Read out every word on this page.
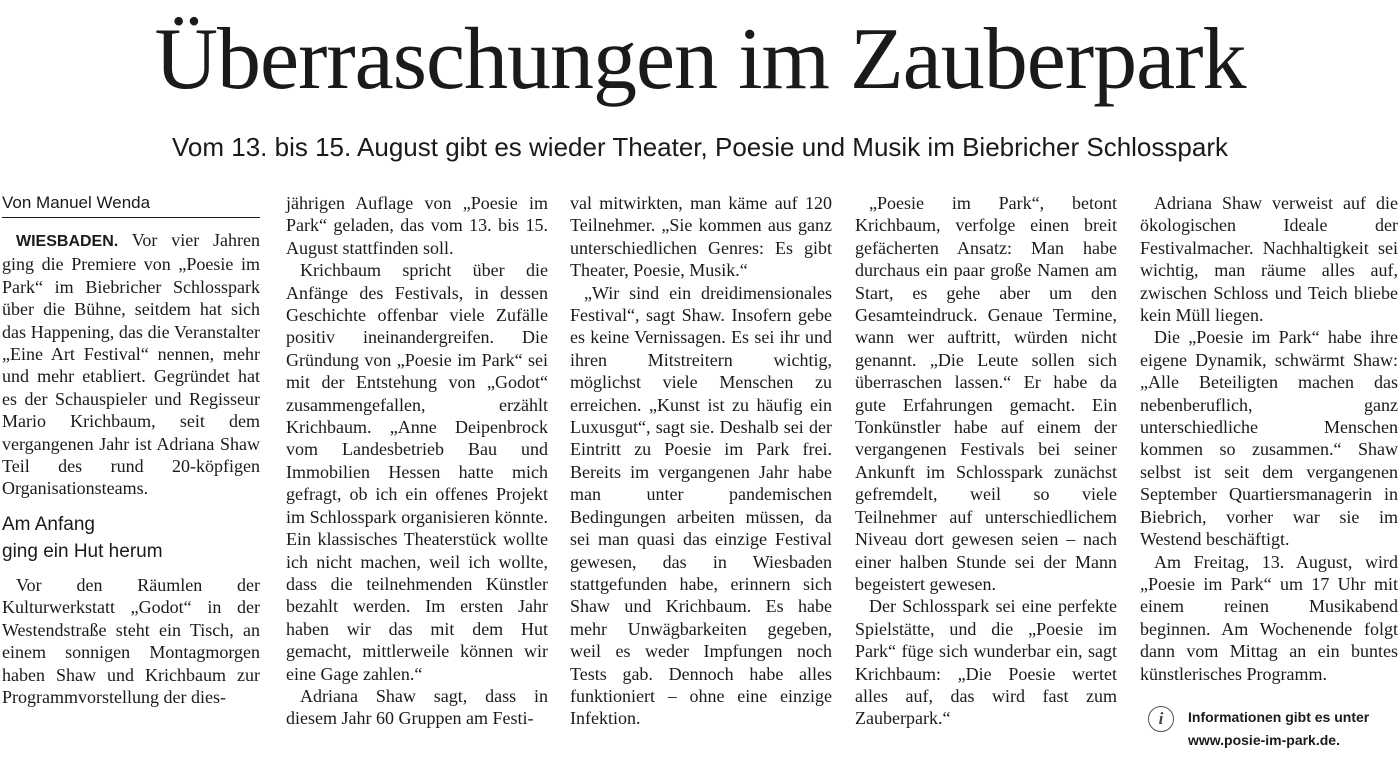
Überraschungen im Zauberpark
Vom 13. bis 15. August gibt es wieder Theater, Poesie und Musik im Biebricher Schlosspark
Von Manuel Wenda

WIESBADEN. Vor vier Jahren ging die Premiere von „Poesie im Park“ im Biebricher Schlosspark über die Bühne, seitdem hat sich das Happening, das die Veranstalter „Eine Art Festival“ nennen, mehr und mehr etabliert. Gegründet hat es der Schauspieler und Regisseur Mario Krichbaum, seit dem vergangenen Jahr ist Adriana Shaw Teil des rund 20-köpfigen Organisationsteams.

Am Anfang
ging ein Hut herum

Vor den Räumlen der Kulturwerkstatt „Godot“ in der Westendstraße steht ein Tisch, an einem sonnigen Montagmorgen haben Shaw und Krichbaum zur Programmvorstellung der dies-

jährigen Auflage von „Poesie im Park“ geladen, das vom 13. bis 15. August stattfinden soll.

Krichbaum spricht über die Anfänge des Festivals, in dessen Geschichte offenbar viele Zufälle positiv ineinandergreifen. Die Gründung von „Poesie im Park“ sei mit der Entstehung von „Godot“ zusammengefallen, erzählt Krichbaum. „Anne Deipenbrock vom Landesbetrieb Bau und Immobilien Hessen hatte mich gefragt, ob ich ein offenes Projekt im Schlosspark organisieren könnte. Ein klassisches Theaterstück wollte ich nicht machen, weil ich wollte, dass die teilnehmenden Künstler bezahlt werden. Im ersten Jahr haben wir das mit dem Hut gemacht, mittlerweile können wir eine Gage zahlen.“

Adriana Shaw sagt, dass in diesem Jahr 60 Gruppen am Festi-

val mitwirkten, man käme auf 120 Teilnehmer. „Sie kommen aus ganz unterschiedlichen Genres: Es gibt Theater, Poesie, Musik.“

„Wir sind ein dreidimensionales Festival“, sagt Shaw. Insofern gebe es keine Vernissagen. Es sei ihr und ihren Mitstreitern wichtig, möglichst viele Menschen zu erreichen. „Kunst ist zu häufig ein Luxusgut“, sagt sie. Deshalb sei der Eintritt zu Poesie im Park frei. Bereits im vergangenen Jahr habe man unter pandemischen Bedingungen arbeiten müssen, da sei man quasi das einzige Festival gewesen, das in Wiesbaden stattgefunden habe, erinnern sich Shaw und Krichbaum. Es habe mehr Unwägbarkeiten gegeben, weil es weder Impfungen noch Tests gab. Dennoch habe alles funktioniert – ohne eine einzige Infektion.

„Poesie im Park“, betont Krichbaum, verfolge einen breit gefächerten Ansatz: Man habe durchaus ein paar große Namen am Start, es gehe aber um den Gesamteindruck. Genaue Termine, wann wer auftritt, würden nicht genannt. „Die Leute sollen sich überraschen lassen.“ Er habe da gute Erfahrungen gemacht. Ein Tonkünstler habe auf einem der vergangenen Festivals bei seiner Ankunft im Schlosspark zunächst gefremdelt, weil so viele Teilnehmer auf unterschiedlichem Niveau dort gewesen seien – nach einer halben Stunde sei der Mann begeistert gewesen.

Der Schlosspark sei eine perfekte Spielstätte, und die „Poesie im Park“ füge sich wunderbar ein, sagt Krichbaum: „Die Poesie wertet alles auf, das wird fast zum Zauberpark.“

Adriana Shaw verweist auf die ökologischen Ideale der Festivalmacher. Nachhaltigkeit sei wichtig, man räume alles auf, zwischen Schloss und Teich bliebe kein Müll liegen.

Die „Poesie im Park“ habe ihre eigene Dynamik, schwärmt Shaw: „Alle Beteiligten machen das nebenberuflich, ganz unterschiedliche Menschen kommen so zusammen.“ Shaw selbst ist seit dem vergangenen September Quartiersmanagerin in Biebrich, vorher war sie im Westend beschäftigt.

Am Freitag, 13. August, wird „Poesie im Park“ um 17 Uhr mit einem reinen Musikabend beginnen. Am Wochenende folgt dann vom Mittag an ein buntes künstlerisches Programm.

i	Informationen gibt es unter
www.posie-im-park.de.
